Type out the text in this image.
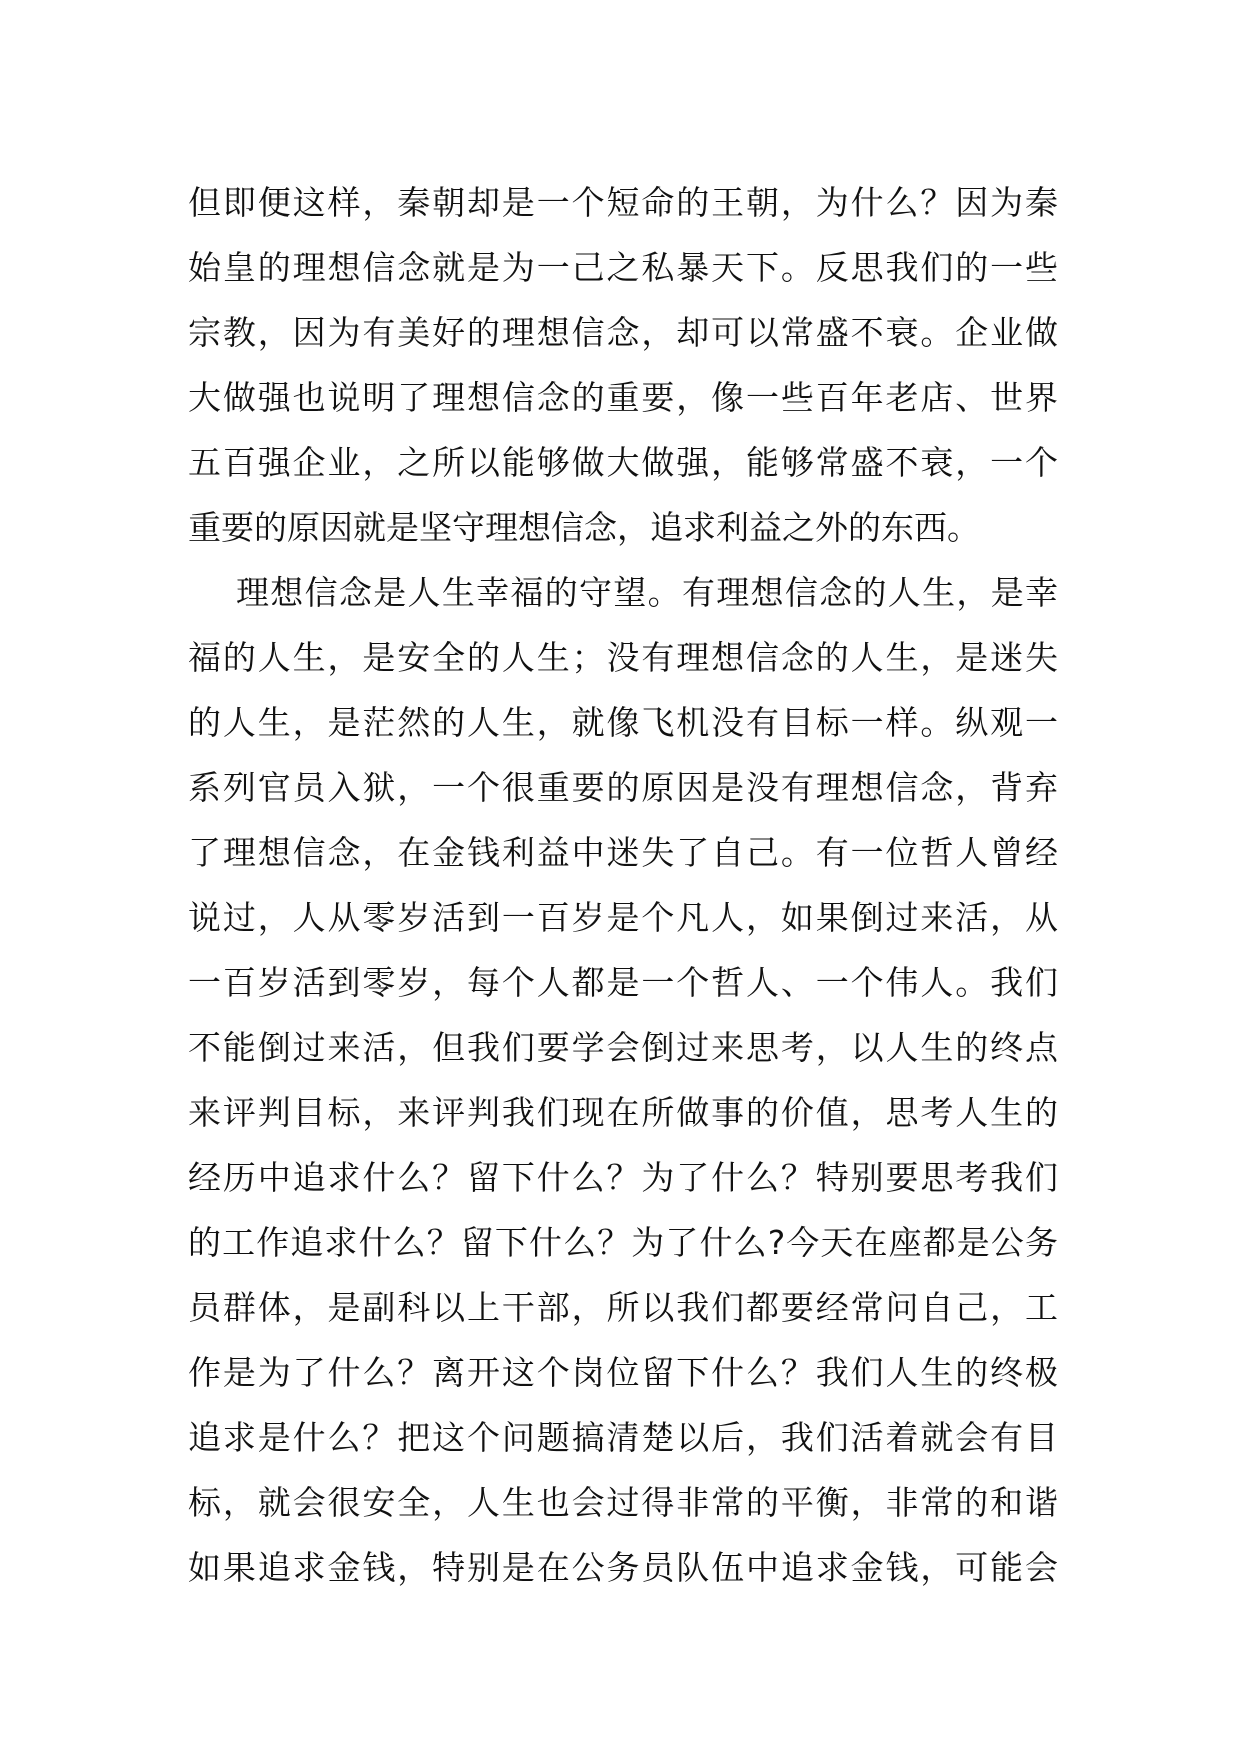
但即便这样，秦朝却是一个短命的王朝，为什么？因为秦
始皇的理想信念就是为一己之私暴天下。反思我们的一些
宗教，因为有美好的理想信念，却可以常盛不衰。企业做
大做强也说明了理想信念的重要，像一些百年老店、世界
五百强企业，之所以能够做大做强，能够常盛不衰，一个
重要的原因就是坚守理想信念，追求利益之外的东西。
理想信念是人生幸福的守望。有理想信念的人生，是幸
福的人生，是安全的人生；没有理想信念的人生，是迷失
的人生，是茫然的人生，就像飞机没有目标一样。纵观一
系列官员入狱，一个很重要的原因是没有理想信念，背弃
了理想信念，在金钱利益中迷失了自己。有一位哲人曾经
说过，人从零岁活到一百岁是个凡人，如果倒过来活，从
一百岁活到零岁，每个人都是一个哲人、一个伟人。我们
不能倒过来活，但我们要学会倒过来思考，以人生的终点
来评判目标，来评判我们现在所做事的价值，思考人生的
经历中追求什么？留下什么？为了什么？特别要思考我们
的工作追求什么？留下什么？为了什么?今天在座都是公务
员群体，是副科以上干部，所以我们都要经常问自己，工
作是为了什么？离开这个岗位留下什么？我们人生的终极
追求是什么？把这个问题搞清楚以后，我们活着就会有目
标，就会很安全，人生也会过得非常的平衡，非常的和谐
如果追求金钱，特别是在公务员队伍中追求金钱，可能会
